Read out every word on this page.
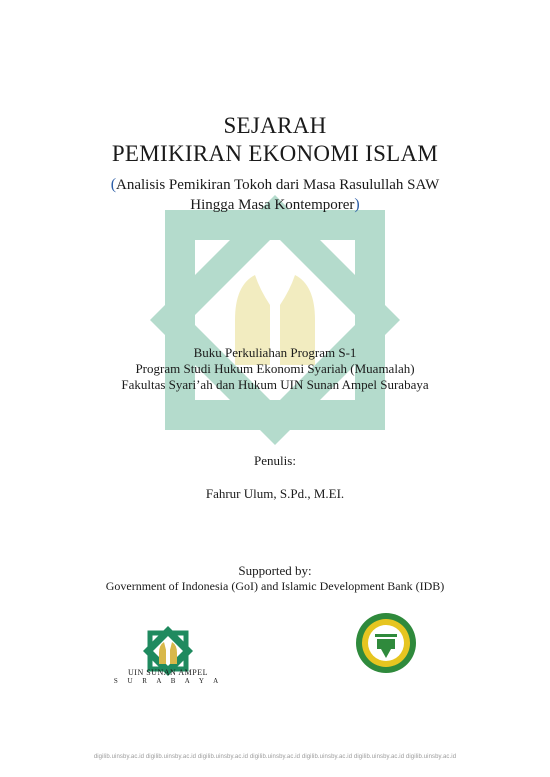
SEJARAH
PEMIKIRAN EKONOMI ISLAM
(Analisis Pemikiran Tokoh dari Masa Rasulullah SAW
Hingga Masa Kontemporer)
Buku Perkuliahan Program S-1
Program Studi Hukum Ekonomi Syariah (Muamalah)
Fakultas Syari’ah dan Hukum UIN Sunan Ampel Surabaya
Penulis:
Fahrur Ulum, S.Pd., M.EI.
Supported by:
Government of Indonesia (GoI) and Islamic Development Bank (IDB)
UIN SUNAN AMPEL
S U R A B A Y A
digilib.uinsby.ac.id digilib.uinsby.ac.id digilib.uinsby.ac.id digilib.uinsby.ac.id digilib.uinsby.ac.id digilib.uinsby.ac.id digilib.uinsby.ac.id
